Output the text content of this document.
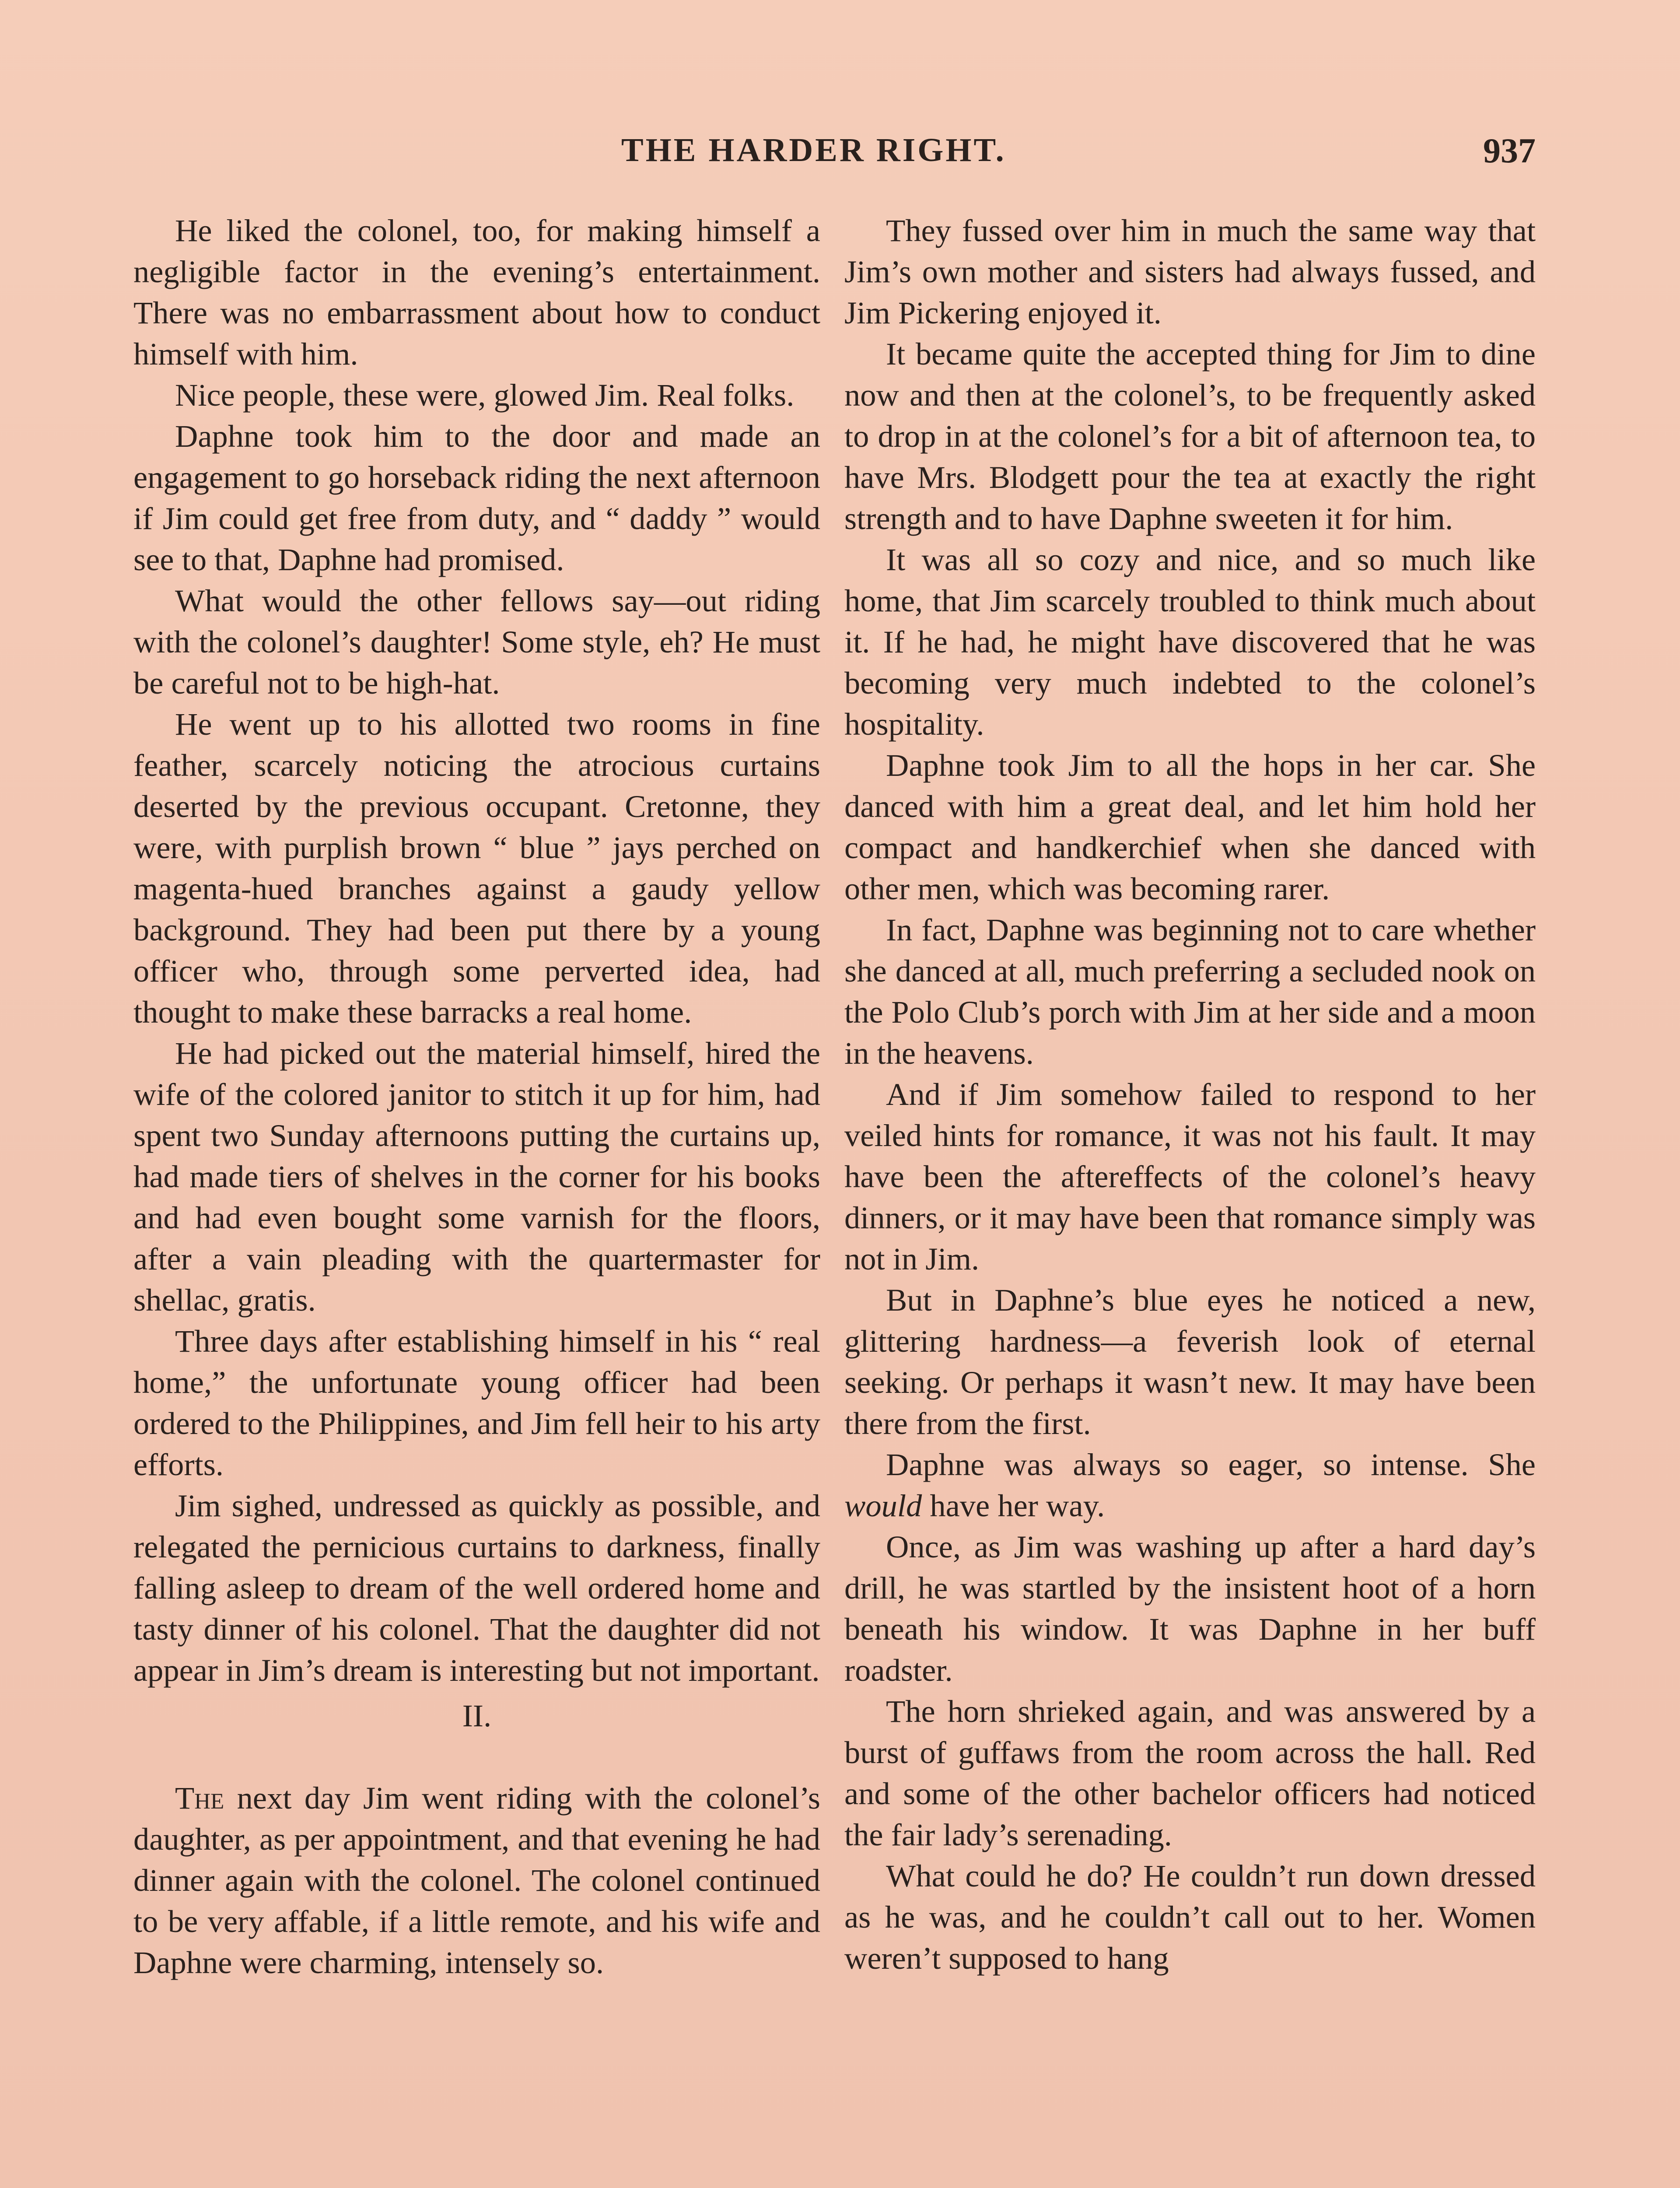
THE HARDER RIGHT.	937

He liked the colonel, too, for making himself a negligible factor in the evening’s entertainment. There was no embarrassment about how to conduct himself with him.

Nice people, these were, glowed Jim. Real folks.

Daphne took him to the door and made an engagement to go horseback riding the next afternoon if Jim could get free from duty, and “ daddy ” would see to that, Daphne had promised.

What would the other fellows say—out riding with the colonel’s daughter! Some style, eh? He must be careful not to be high-hat.

He went up to his allotted two rooms in fine feather, scarcely noticing the atrocious curtains deserted by the previous occupant. Cretonne, they were, with purplish brown “ blue ” jays perched on magenta-hued branches against a gaudy yellow background. They had been put there by a young officer who, through some perverted idea, had thought to make these barracks a real home.

He had picked out the material himself, hired the wife of the colored janitor to stitch it up for him, had spent two Sunday afternoons putting the curtains up, had made tiers of shelves in the corner for his books and had even bought some varnish for the floors, after a vain pleading with the quartermaster for shellac, gratis.

Three days after establishing himself in his “ real home,” the unfortunate young officer had been ordered to the Philippines, and Jim fell heir to his arty efforts.

Jim sighed, undressed as quickly as possible, and relegated the pernicious curtains to darkness, finally falling asleep to dream of the well ordered home and tasty dinner of his colonel. That the daughter did not appear in Jim’s dream is interesting but not important.

II.

The next day Jim went riding with the colonel’s daughter, as per appointment, and that evening he had dinner again with the colonel. The colonel continued to be very affable, if a little remote, and his wife and Daphne were charming, intensely so.

They fussed over him in much the same way that Jim’s own mother and sisters had always fussed, and Jim Pickering enjoyed it.

It became quite the accepted thing for Jim to dine now and then at the colonel’s, to be frequently asked to drop in at the colonel’s for a bit of afternoon tea, to have Mrs. Blodgett pour the tea at exactly the right strength and to have Daphne sweeten it for him.

It was all so cozy and nice, and so much like home, that Jim scarcely troubled to think much about it. If he had, he might have discovered that he was becoming very much indebted to the colonel’s hospitality.

Daphne took Jim to all the hops in her car. She danced with him a great deal, and let him hold her compact and handkerchief when she danced with other men, which was becoming rarer.

In fact, Daphne was beginning not to care whether she danced at all, much preferring a secluded nook on the Polo Club’s porch with Jim at her side and a moon in the heavens.

And if Jim somehow failed to respond to her veiled hints for romance, it was not his fault. It may have been the aftereffects of the colonel’s heavy dinners, or it may have been that romance simply was not in Jim.

But in Daphne’s blue eyes he noticed a new, glittering hardness—a feverish look of eternal seeking. Or perhaps it wasn’t new. It may have been there from the first.

Daphne was always so eager, so intense. She would have her way.

Once, as Jim was washing up after a hard day’s drill, he was startled by the insistent hoot of a horn beneath his window. It was Daphne in her buff roadster.

The horn shrieked again, and was answered by a burst of guffaws from the room across the hall. Red and some of the other bachelor officers had noticed the fair lady’s serenading.

What could he do? He couldn’t run down dressed as he was, and he couldn’t call out to her. Women weren’t supposed to hang
